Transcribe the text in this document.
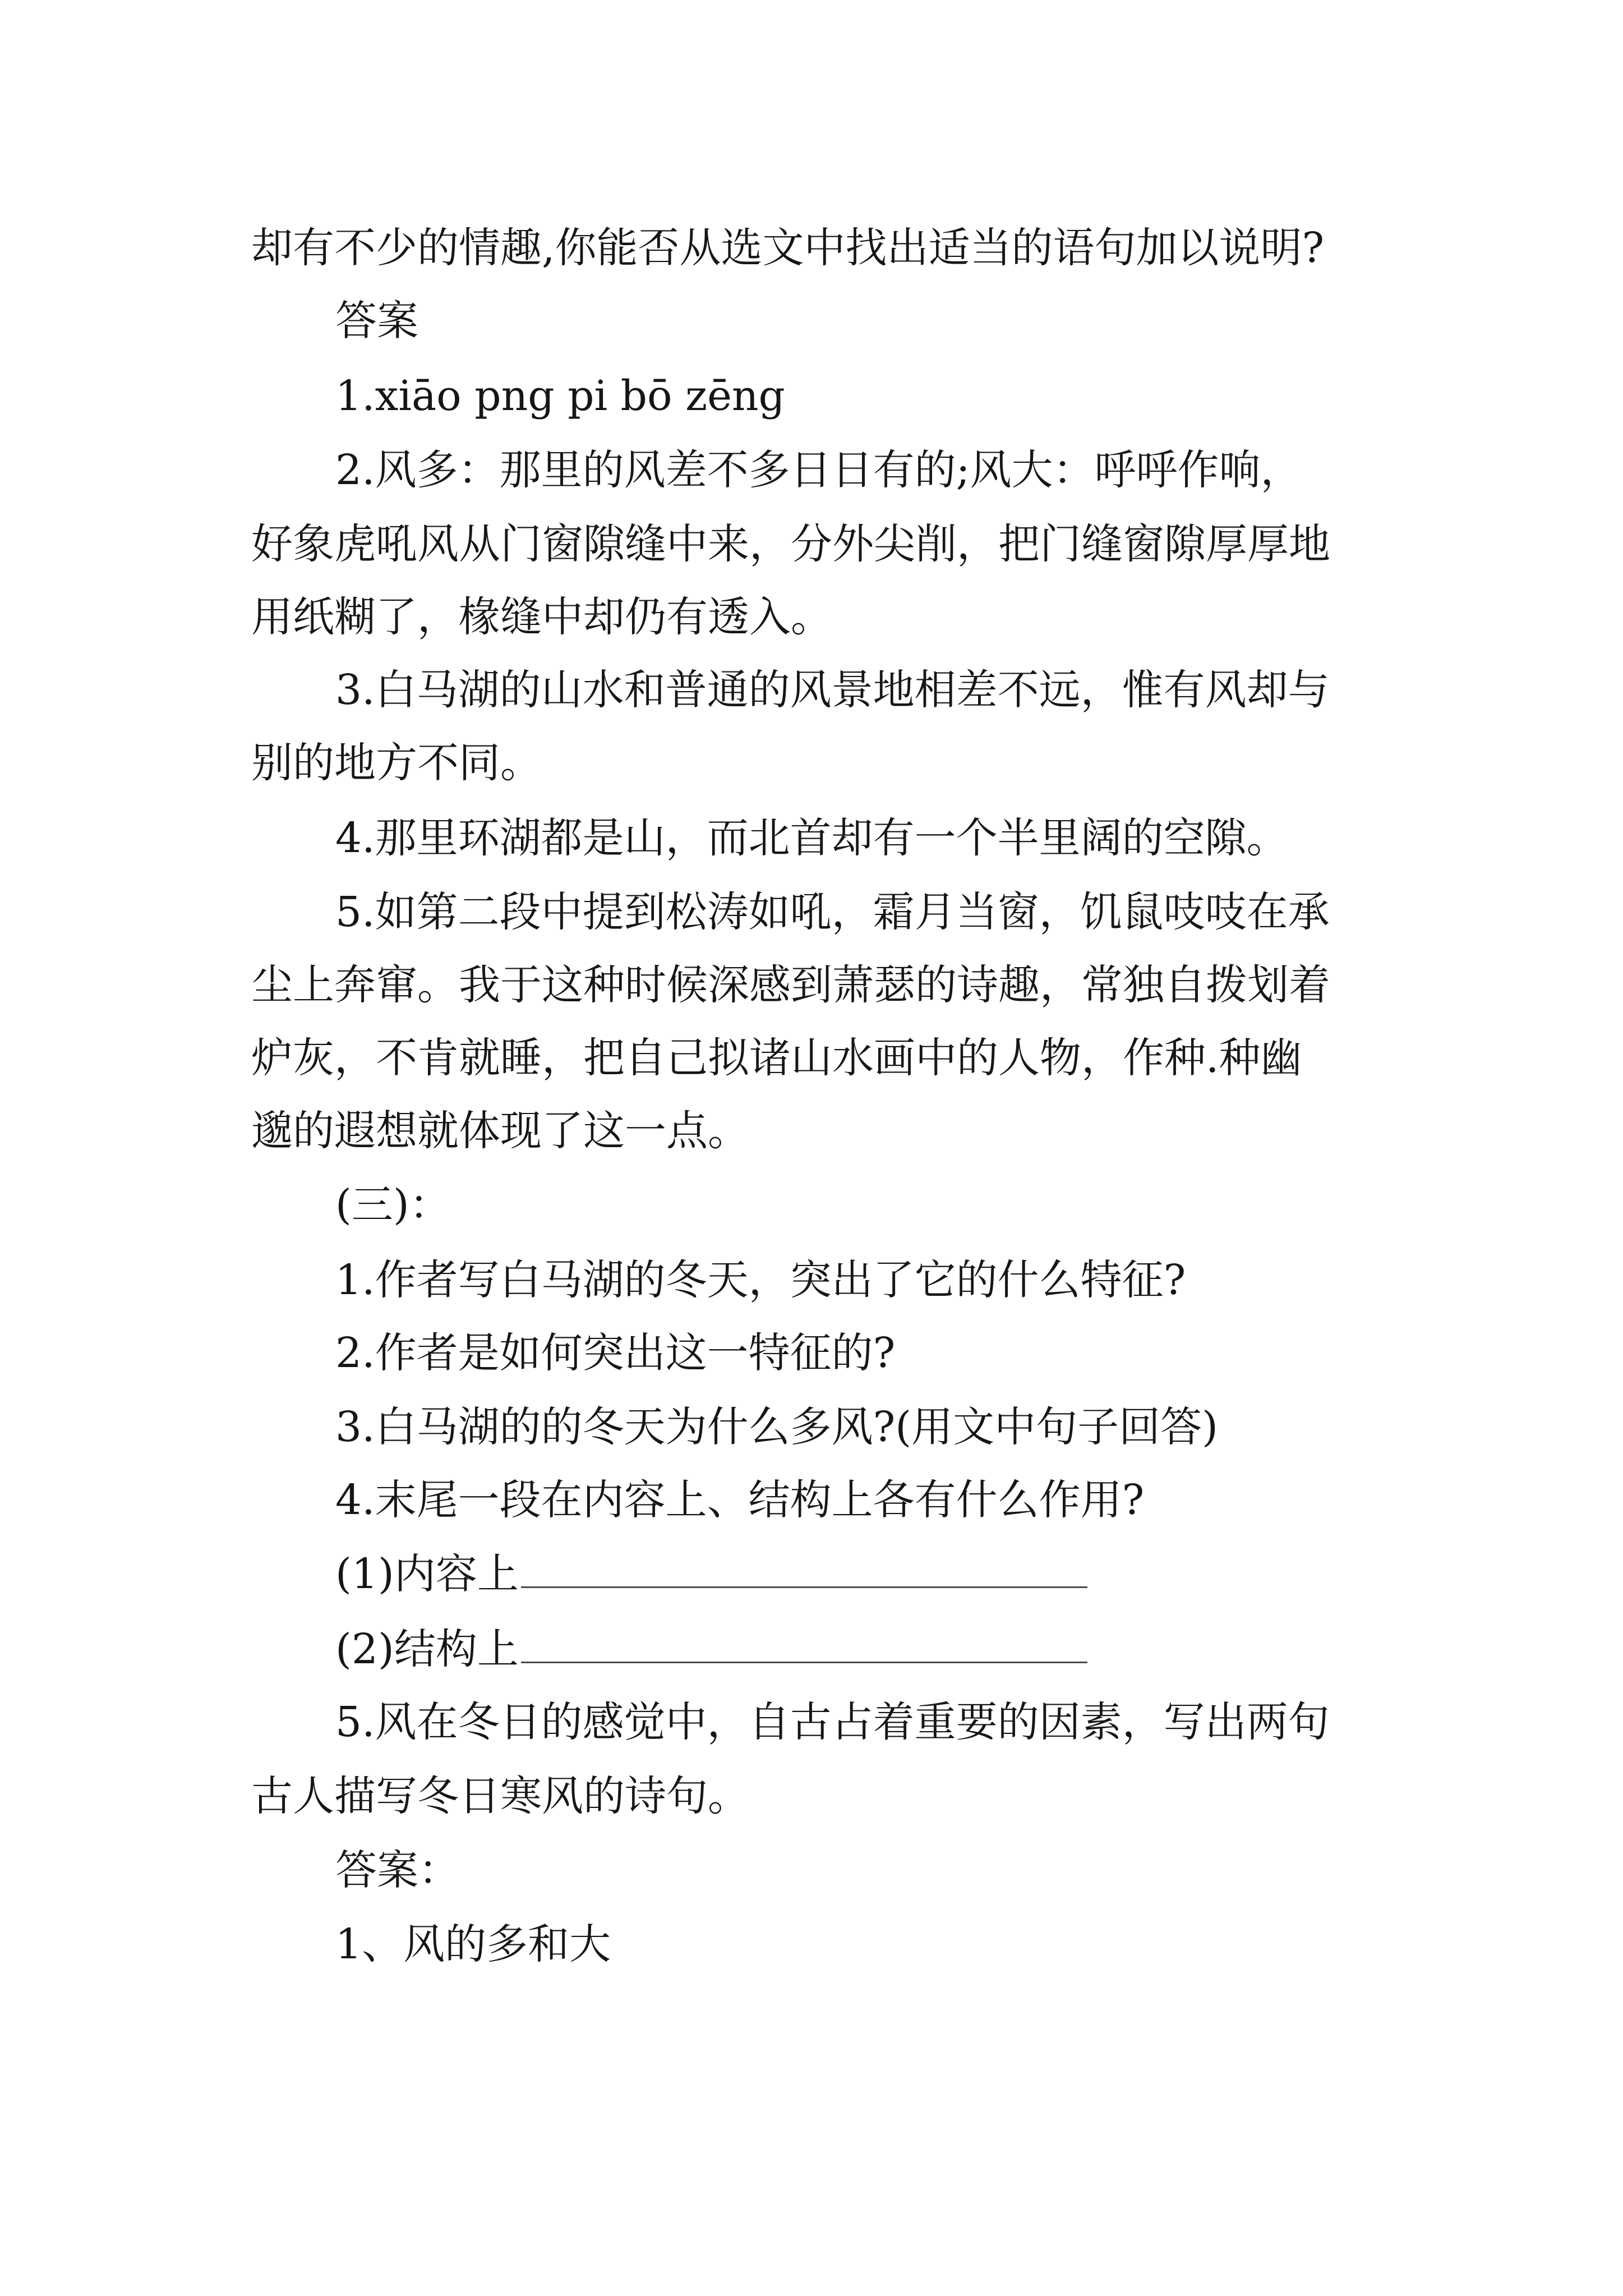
却有不少的情趣,你能否从选文中找出适当的语句加以说明?
答案
1.xiāo png pi bō zēng
2.风多：那里的风差不多日日有的;风大：呼呼作响，
好象虎吼风从门窗隙缝中来，分外尖削，把门缝窗隙厚厚地
用纸糊了，椽缝中却仍有透入。
3.白马湖的山水和普通的风景地相差不远，惟有风却与
别的地方不同。
4.那里环湖都是山，而北首却有一个半里阔的空隙。
5.如第二段中提到松涛如吼，霜月当窗，饥鼠吱吱在承
尘上奔窜。我于这种时候深感到萧瑟的诗趣，常独自拨划着
炉灰，不肯就睡，把自己拟诸山水画中的人物，作种.种幽
邈的遐想就体现了这一点。
(三)：
1.作者写白马湖的冬天，突出了它的什么特征?
2.作者是如何突出这一特征的?
3.白马湖的的冬天为什么多风?(用文中句子回答)
4.末尾一段在内容上、结构上各有什么作用?
(1)内容上
(2)结构上
5.风在冬日的感觉中，自古占着重要的因素，写出两句
古人描写冬日寒风的诗句。
答案：
1、风的多和大
